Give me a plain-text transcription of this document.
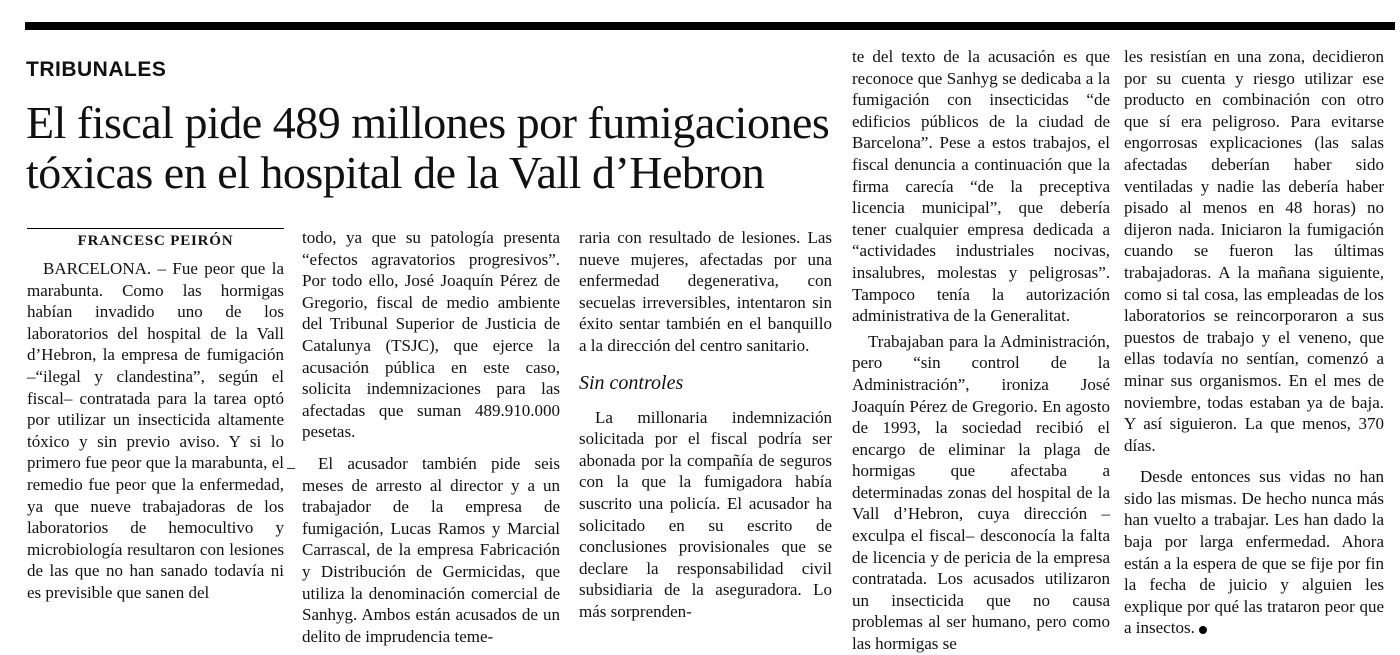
TRIBUNALES
El fiscal pide 489 millones por fumigaciones tóxicas en el hospital de la Vall d’Hebron
FRANCESC PEIRÓN

BARCELONA. – Fue peor que la marabunta. Como las hormigas habían invadido uno de los laboratorios del hospital de la Vall d’Hebron, la empresa de fumigación –“ilegal y clandestina”, según el fiscal– contratada para la tarea optó por utilizar un insecticida altamente tóxico y sin previo aviso. Y si lo primero fue peor que la marabunta, el remedio fue peor que la enfermedad, ya que nueve trabajadoras de los laboratorios de hemocultivo y microbiología resultaron con lesiones de las que no han sanado todavía ni es previsible que sanen del

todo, ya que su patología presenta “efectos agravatorios progresivos”. Por todo ello, José Joaquín Pérez de Gregorio, fiscal de medio ambiente del Tribunal Superior de Justicia de Catalunya (TSJC), que ejerce la acusación pública en este caso, solicita indemnizaciones para las afectadas que suman 489.910.000 pesetas.

El acusador también pide seis meses de arresto al director y a un trabajador de la empresa de fumigación, Lucas Ramos y Marcial Carrascal, de la empresa Fabricación y Distribución de Germicidas, que utiliza la denominación comercial de Sanhyg. Ambos están acusados de un delito de imprudencia teme-

raria con resultado de lesiones. Las nueve mujeres, afectadas por una enfermedad degenerativa, con secuelas irreversibles, intentaron sin éxito sentar también en el banquillo a la dirección del centro sanitario.

Sin controles

La millonaria indemnización solicitada por el fiscal podría ser abonada por la compañía de seguros con la que la fumigadora había suscrito una policía. El acusador ha solicitado en su escrito de conclusiones provisionales que se declare la responsabilidad civil subsidiaria de la aseguradora. Lo más sorprenden-

te del texto de la acusación es que reconoce que Sanhyg se dedicaba a la fumigación con insecticidas “de edificios públicos de la ciudad de Barcelona”. Pese a estos trabajos, el fiscal denuncia a continuación que la firma carecía “de la preceptiva licencia municipal”, que debería tener cualquier empresa dedicada a “actividades industriales nocivas, insalubres, molestas y peligrosas”. Tampoco tenía la autorización administrativa de la Generalitat.

Trabajaban para la Administración, pero “sin control de la Administración”, ironiza José Joaquín Pérez de Gregorio. En agosto de 1993, la sociedad recibió el encargo de eliminar la plaga de hormigas que afectaba a determinadas zonas del hospital de la Vall d’Hebron, cuya dirección –exculpa el fiscal– desconocía la falta de licencia y de pericia de la empresa contratada. Los acusados utilizaron un insecticida que no causa problemas al ser humano, pero como las hormigas se

les resistían en una zona, decidieron por su cuenta y riesgo utilizar ese producto en combinación con otro que sí era peligroso. Para evitarse engorrosas explicaciones (las salas afectadas deberían haber sido ventiladas y nadie las debería haber pisado al menos en 48 horas) no dijeron nada. Iniciaron la fumigación cuando se fueron las últimas trabajadoras. A la mañana siguiente, como si tal cosa, las empleadas de los laboratorios se reincorporaron a sus puestos de trabajo y el veneno, que ellas todavía no sentían, comenzó a minar sus organismos. En el mes de noviembre, todas estaban ya de baja. Y así siguieron. La que menos, 370 días.

Desde entonces sus vidas no han sido las mismas. De hecho nunca más han vuelto a trabajar. Les han dado la baja por larga enfermedad. Ahora están a la espera de que se fije por fin la fecha de juicio y alguien les explique por qué las trataron peor que a insectos.
